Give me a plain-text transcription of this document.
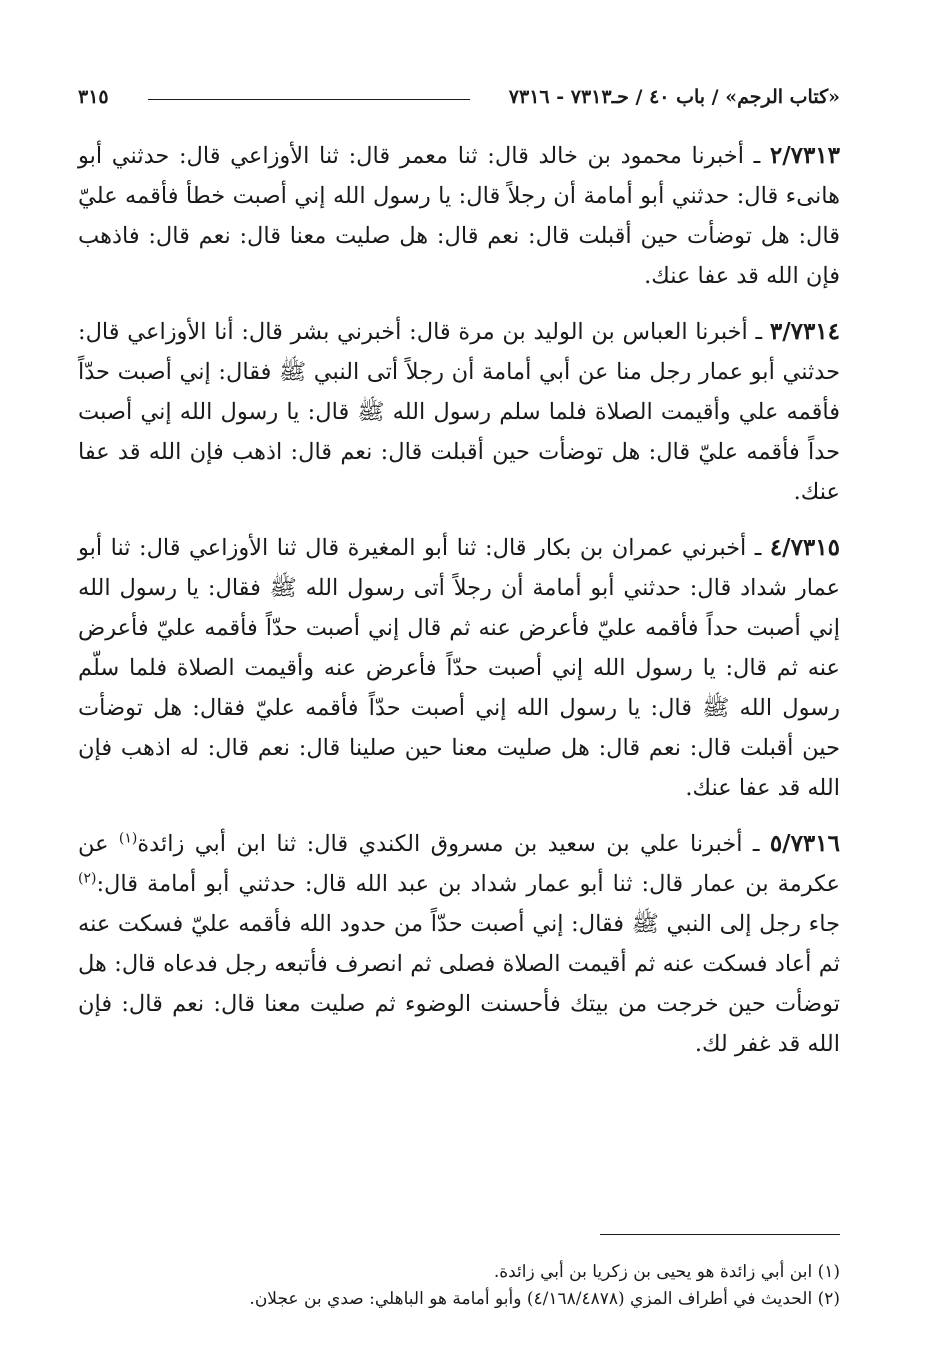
«كتاب الرجم» / باب ٤٠ / حـ٧٣١٣ - ٧٣١٦
٣١٥

٢/٧٣١٣ ـ أخبرنا محمود بن خالد قال: ثنا معمر قال: ثنا الأوزاعي قال: حدثني أبو هانىء قال: حدثني أبو أمامة أن رجلاً قال: يا رسول الله إني أصبت خطأ فأقمه عليّ قال: هل توضأت حين أقبلت قال: نعم قال: هل صليت معنا قال: نعم قال: فاذهب فإن الله قد عفا عنك.

٣/٧٣١٤ ـ أخبرنا العباس بن الوليد بن مرة قال: أخبرني بشر قال: أنا الأوزاعي قال: حدثني أبو عمار رجل منا عن أبي أمامة أن رجلاً أتى النبي ﷺ فقال: إني أصبت حدّاً فأقمه علي وأقيمت الصلاة فلما سلم رسول الله ﷺ قال: يا رسول الله إني أصبت حداً فأقمه عليّ قال: هل توضأت حين أقبلت قال: نعم قال: اذهب فإن الله قد عفا عنك.

٤/٧٣١٥ ـ أخبرني عمران بن بكار قال: ثنا أبو المغيرة قال ثنا الأوزاعي قال: ثنا أبو عمار شداد قال: حدثني أبو أمامة أن رجلاً أتى رسول الله ﷺ فقال: يا رسول الله إني أصبت حداً فأقمه عليّ فأعرض عنه ثم قال إني أصبت حدّاً فأقمه عليّ فأعرض عنه ثم قال: يا رسول الله إني أصبت حدّاً فأعرض عنه وأقيمت الصلاة فلما سلّم رسول الله ﷺ قال: يا رسول الله إني أصبت حدّاً فأقمه عليّ فقال: هل توضأت حين أقبلت قال: نعم قال: هل صليت معنا حين صلينا قال: نعم قال: له اذهب فإن الله قد عفا عنك.

٥/٧٣١٦ ـ أخبرنا علي بن سعيد بن مسروق الكندي قال: ثنا ابن أبي زائدة$^{(١)}$ عن عكرمة بن عمار قال: ثنا أبو عمار شداد بن عبد الله قال: حدثني أبو أمامة قال:$^{(٢)}$ جاء رجل إلى النبي ﷺ فقال: إني أصبت حدّاً من حدود الله فأقمه عليّ فسكت عنه ثم أعاد فسكت عنه ثم أقيمت الصلاة فصلى ثم انصرف فأتبعه رجل فدعاه قال: هل توضأت حين خرجت من بيتك فأحسنت الوضوء ثم صليت معنا قال: نعم قال: فإن الله قد غفر لك.

(١) ابن أبي زائدة هو يحيى بن زكريا بن أبي زائدة.
(٢) الحديث في أطراف المزي (٤/١٦٨/٤٨٧٨) وأبو أمامة هو الباهلي: صدي بن عجلان.
